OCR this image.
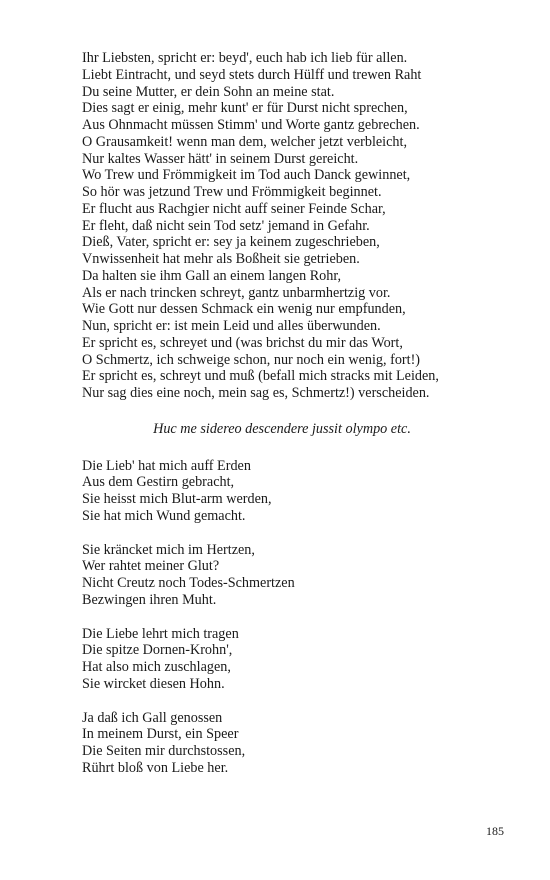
Ihr Liebsten, spricht er: beyd', euch hab ich lieb für allen.
Liebt Eintracht, und seyd stets durch Hülff und trewen Raht
Du seine Mutter, er dein Sohn an meine stat.
Dies sagt er einig, mehr kunt' er für Durst nicht sprechen,
Aus Ohnmacht müssen Stimm' und Worte gantz gebrechen.
O Grausamkeit! wenn man dem, welcher jetzt verbleicht,
Nur kaltes Wasser hätt' in seinem Durst gereicht.
Wo Trew und Frömmigkeit im Tod auch Danck gewinnet,
So hör was jetzund Trew und Frömmigkeit beginnet.
Er flucht aus Rachgier nicht auff seiner Feinde Schar,
Er fleht, daß nicht sein Tod setz' jemand in Gefahr.
Dieß, Vater, spricht er: sey ja keinem zugeschrieben,
Vnwissenheit hat mehr als Boßheit sie getrieben.
Da halten sie ihm Gall an einem langen Rohr,
Als er nach trincken schreyt, gantz unbarmhertzig vor.
Wie Gott nur dessen Schmack ein wenig nur empfunden,
Nun, spricht er: ist mein Leid und alles überwunden.
Er spricht es, schreyet und (was brichst du mir das Wort,
O Schmertz, ich schweige schon, nur noch ein wenig, fort!)
Er spricht es, schreyt und muß (befall mich stracks mit Leiden,
Nur sag dies eine noch, mein sag es, Schmertz!) verscheiden.
Huc me sidereo descendere jussit olympo etc.
Die Lieb' hat mich auff Erden
Aus dem Gestirn gebracht,
Sie heisst mich Blut-arm werden,
Sie hat mich Wund gemacht.
Sie kräncket mich im Hertzen,
Wer rahtet meiner Glut?
Nicht Creutz noch Todes-Schmertzen
Bezwingen ihren Muht.
Die Liebe lehrt mich tragen
Die spitze Dornen-Krohn',
Hat also mich zuschlagen,
Sie wircket diesen Hohn.
Ja daß ich Gall genossen
In meinem Durst, ein Speer
Die Seiten mir durchstossen,
Rührt bloß von Liebe her.
185
